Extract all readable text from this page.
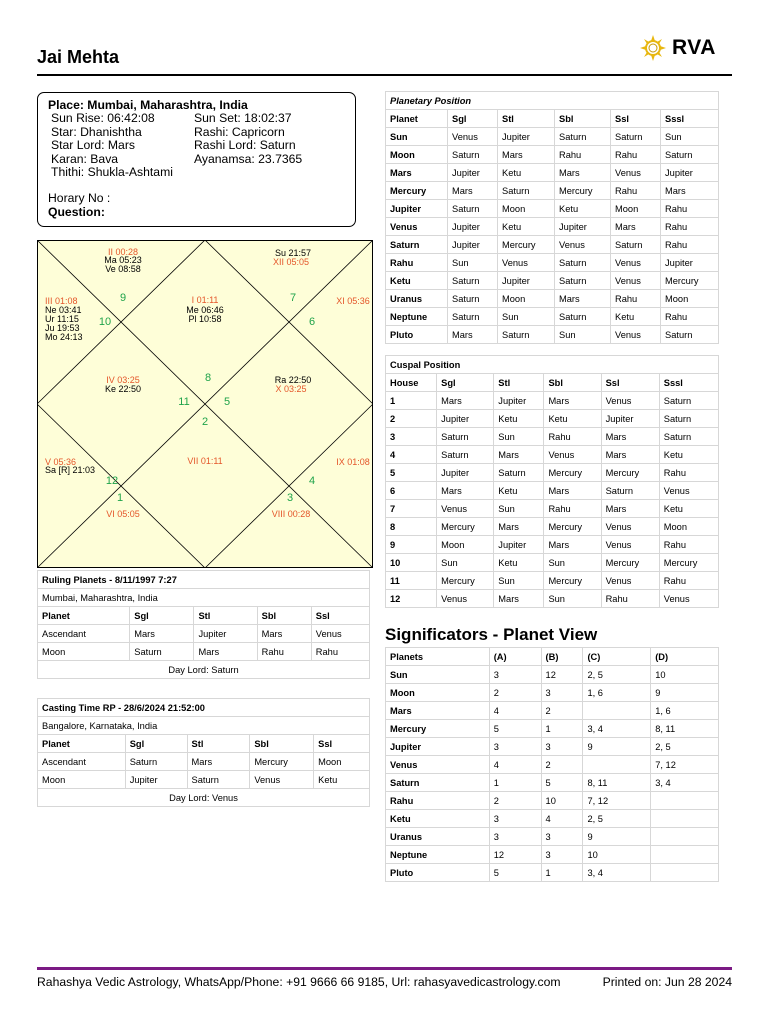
Jai Mehta	RVA
Place: Mumbai, Maharashtra, India
Sun Rise: 06:42:08	Sun Set: 18:02:37
Star: Dhanishtha	Rashi: Capricorn
Star Lord: Mars	Rashi Lord: Saturn
Karan: Bava	Ayanamsa: 23.7365
Thithi: Shukla-Ashtami
Horary No :
Question:
I 01:11
II 00:28
III 01:08
IV 03:25
V 05:36
VI 05:05
VII 01:11
VIII 00:28
IX 01:08
X 03:25
XI 05:36
XII 05:05
10
9
8
7
6
5
4
3
2
1
12
11
Me 06:46
Pl 10:58
Ma 05:23
Ve 08:58
Ne 03:41
Ur 11:15
Ju 19:53
Mo 24:13
Ke 22:50
Sa [R] 21:03
Ra 22:50
Su 21:57
Ruling Planets - 8/11/1997 7:27				
Mumbai, Maharashtra, India				
Planet	Sgl	Stl	Sbl	Ssl
Ascendant	Mars	Jupiter	Mars	Venus
Moon	Saturn	Mars	Rahu	Rahu
Day Lord: Saturn				
Casting Time RP - 28/6/2024 21:52:00				
Bangalore, Karnataka, India				
Planet	Sgl	Stl	Sbl	Ssl
Ascendant	Saturn	Mars	Mercury	Moon
Moon	Jupiter	Saturn	Venus	Ketu
Day Lord: Venus				
Planetary Position					
Planet	Sgl	Stl	Sbl	Ssl	Sssl
Sun	Venus	Jupiter	Saturn	Saturn	Sun
Moon	Saturn	Mars	Rahu	Rahu	Saturn
Mars	Jupiter	Ketu	Mars	Venus	Jupiter
Mercury	Mars	Saturn	Mercury	Rahu	Mars
Jupiter	Saturn	Moon	Ketu	Moon	Rahu
Venus	Jupiter	Ketu	Jupiter	Mars	Rahu
Saturn	Jupiter	Mercury	Venus	Saturn	Rahu
Rahu	Sun	Venus	Saturn	Venus	Jupiter
Ketu	Saturn	Jupiter	Saturn	Venus	Mercury
Uranus	Saturn	Moon	Mars	Rahu	Moon
Neptune	Saturn	Sun	Saturn	Ketu	Rahu
Pluto	Mars	Saturn	Sun	Venus	Saturn
Cuspal Position					
House	Sgl	Stl	Sbl	Ssl	Sssl
1	Mars	Jupiter	Mars	Venus	Saturn
2	Jupiter	Ketu	Ketu	Jupiter	Saturn
3	Saturn	Sun	Rahu	Mars	Saturn
4	Saturn	Mars	Venus	Mars	Ketu
5	Jupiter	Saturn	Mercury	Mercury	Rahu
6	Mars	Ketu	Mars	Saturn	Venus
7	Venus	Sun	Rahu	Mars	Ketu
8	Mercury	Mars	Mercury	Venus	Moon
9	Moon	Jupiter	Mars	Venus	Rahu
10	Sun	Ketu	Sun	Mercury	Mercury
11	Mercury	Sun	Mercury	Venus	Rahu
12	Venus	Mars	Sun	Rahu	Venus
Significators - Planet View
Planets	(A)	(B)	(C)	(D)
Sun	3	12	2, 5	10
Moon	2	3	1, 6	9
Mars	4	2		1, 6
Mercury	5	1	3, 4	8, 11
Jupiter	3	3	9	2, 5
Venus	4	2		7, 12
Saturn	1	5	8, 11	3, 4
Rahu	2	10	7, 12	
Ketu	3	4	2, 5	
Uranus	3	3	9	
Neptune	12	3	10	
Pluto	5	1	3, 4	
Rahashya Vedic Astrology, WhatsApp/Phone: +91 9666 66 9185, Url: rahasyavedicastrology.com	Printed on: Jun 28 2024
